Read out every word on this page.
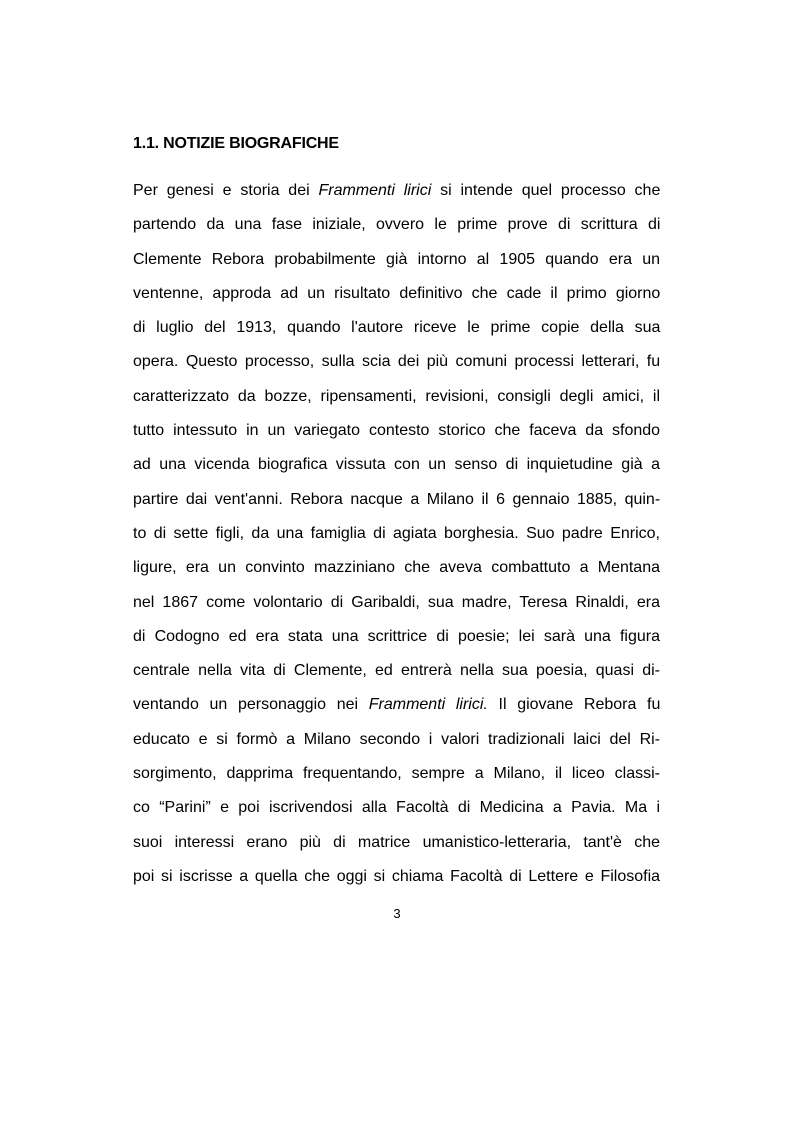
1.1. NOTIZIE BIOGRAFICHE
Per genesi e storia dei Frammenti lirici si intende quel processo che
partendo da una fase iniziale, ovvero le prime prove di scrittura di
Clemente Rebora probabilmente già intorno al 1905 quando era un
ventenne, approda ad un risultato definitivo che cade il primo giorno
di luglio del 1913, quando l'autore riceve le prime copie della sua
opera. Questo processo, sulla scia dei più comuni processi letterari, fu
caratterizzato da bozze, ripensamenti, revisioni, consigli degli amici, il
tutto intessuto in un variegato contesto storico che faceva da sfondo
ad una vicenda biografica vissuta con un senso di inquietudine già a
partire dai vent'anni. Rebora nacque a Milano il 6 gennaio 1885, quin-
to di sette figli, da una famiglia di agiata borghesia. Suo padre Enrico,
ligure, era un convinto mazziniano che aveva combattuto a Mentana
nel 1867 come volontario di Garibaldi, sua madre, Teresa Rinaldi, era
di Codogno ed era stata una scrittrice di poesie; lei sarà una figura
centrale nella vita di Clemente, ed entrerà nella sua poesia, quasi di-
ventando un personaggio nei Frammenti lirici. Il giovane Rebora fu
educato e si formò a Milano secondo i valori tradizionali laici del Ri-
sorgimento, dapprima frequentando, sempre a Milano, il liceo classi-
co “Parini” e poi iscrivendosi alla Facoltà di Medicina a Pavia. Ma i
suoi interessi erano più di matrice umanistico-letteraria, tant'è che
poi si iscrisse a quella che oggi si chiama Facoltà di Lettere e Filosofia
3
